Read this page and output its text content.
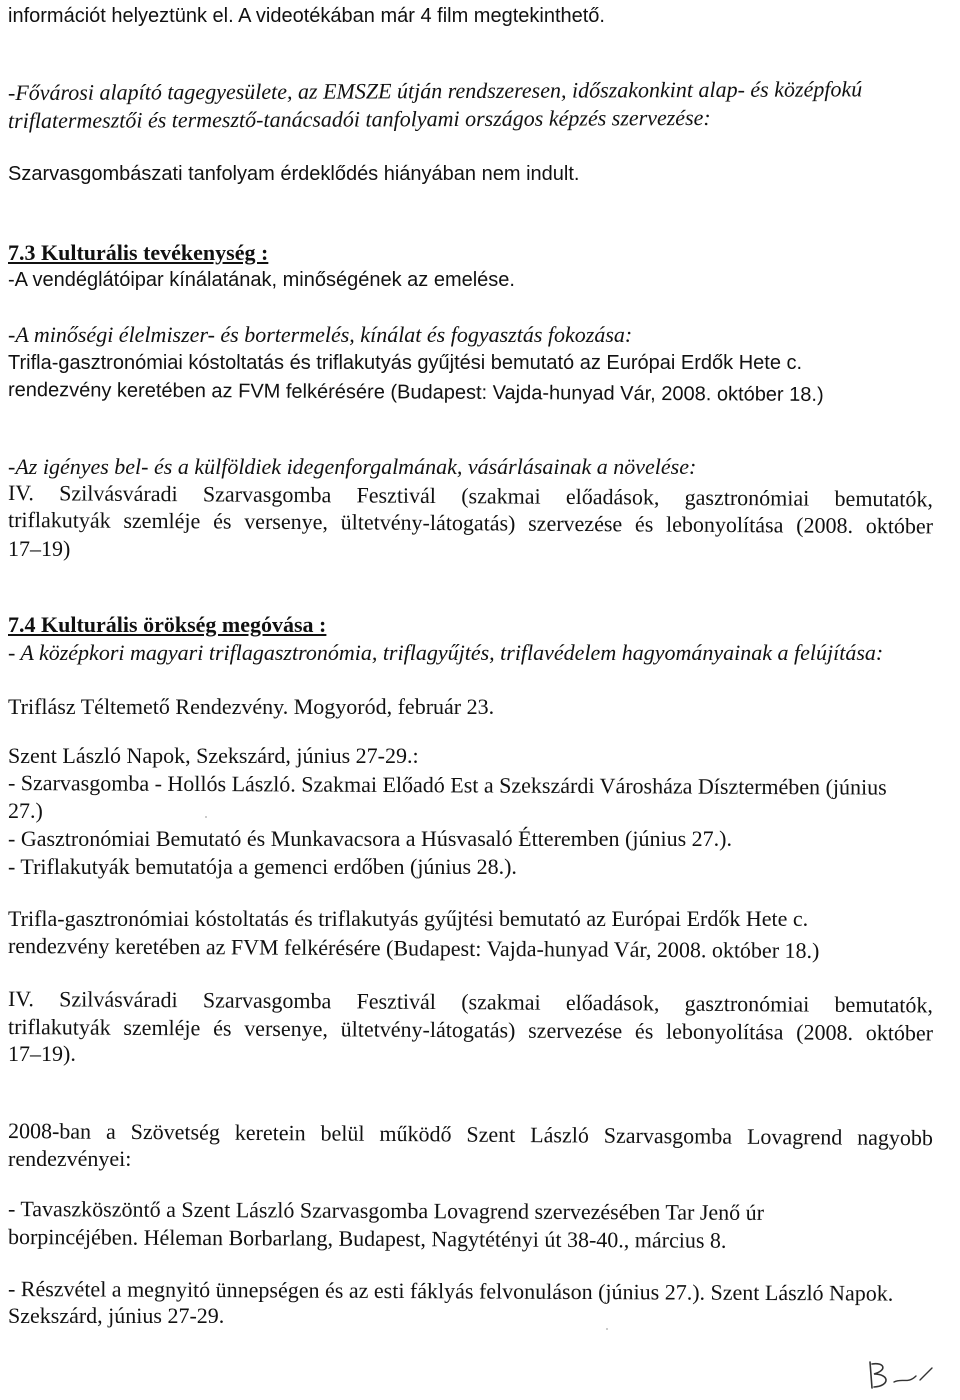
információt helyeztünk el. A videotékában már 4 film megtekinthető.
-Fővárosi alapító tagegyesülete, az EMSZE útján rendszeresen, időszakonkint alap- és középfokú
triflatermesztői és termesztő-tanácsadói tanfolyami országos képzés szervezése:
Szarvasgombászati tanfolyam érdeklődés hiányában nem indult.
7.3 Kulturális tevékenység :
-A vendéglátóipar kínálatának, minőségének az emelése.
-A minőségi élelmiszer- és bortermelés, kínálat és fogyasztás fokozása:
Trifla-gasztronómiai kóstoltatás és triflakutyás gyűjtési bemutató az Európai Erdők Hete c.
rendezvény keretében az FVM felkérésére (Budapest: Vajda-hunyad Vár, 2008. október 18.)
-Az igényes bel- és a külföldiek idegenforgalmának, vásárlásainak a növelése:
IV. Szilvásváradi Szarvasgomba Fesztivál (szakmai előadások, gasztronómiai bemutatók,
triflakutyák szemléje és versenye, ültetvény-látogatás) szervezése és lebonyolítása (2008. október
17–19)
7.4 Kulturális örökség megóvása :
- A középkori magyari triflagasztronómia, triflagyűjtés, triflavédelem hagyományainak a felújítása:
Triflász Téltemető Rendezvény. Mogyoród, február 23.
Szent László Napok, Szekszárd, június 27-29.:
- Szarvasgomba - Hollós László. Szakmai Előadó Est a Szekszárdi Városháza Dísztermében (június
27.)
- Gasztronómiai Bemutató és Munkavacsora a Húsvasaló Étteremben (június 27.).
- Triflakutyák bemutatója a gemenci erdőben (június 28.).
Trifla-gasztronómiai kóstoltatás és triflakutyás gyűjtési bemutató az Európai Erdők Hete c.
rendezvény keretében az FVM felkérésére (Budapest: Vajda-hunyad Vár, 2008. október 18.)
IV. Szilvásváradi Szarvasgomba Fesztivál (szakmai előadások, gasztronómiai bemutatók,
triflakutyák szemléje és versenye, ültetvény-látogatás) szervezése és lebonyolítása (2008. október
17–19).
2008-ban a Szövetség keretein belül működő Szent László Szarvasgomba Lovagrend nagyobb
rendezvényei:
- Tavaszköszöntő a Szent László Szarvasgomba Lovagrend szervezésében Tar Jenő úr
borpincéjében. Héleman Borbarlang, Budapest, Nagytétényi út 38-40., március 8.
- Részvétel a megnyitó ünnepségen és az esti fáklyás felvonuláson (június 27.). Szent László Napok.
Szekszárd, június 27-29.
